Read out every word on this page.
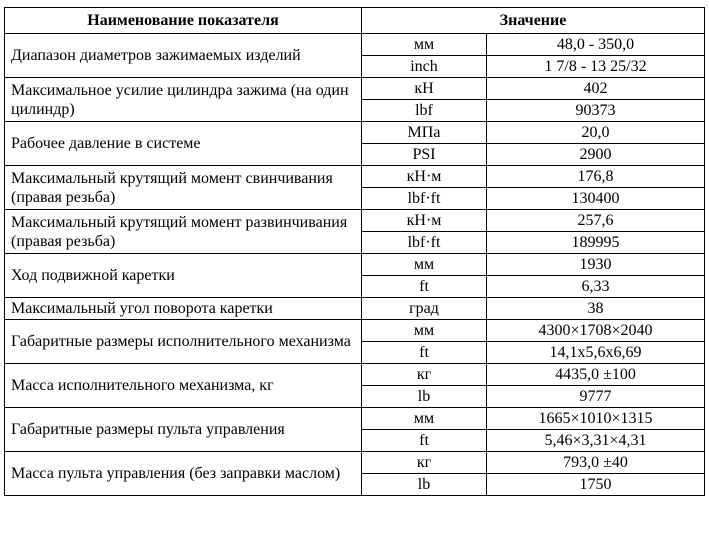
Наименование показателя	Значение	
Диапазон диаметров зажимаемых изделий	мм	48,0 - 350,0
	inch	1 7/8 - 13 25/32
Максимальное усилие цилиндра зажима (на один цилиндр)	кН	402
	lbf	90373
Рабочее давление в системе	МПа	20,0
	PSI	2900
Максимальный крутящий момент свинчивания (правая резьба)	кН·м	176,8
	lbf·ft	130400
Максимальный крутящий момент развинчивания (правая резьба)	кН·м	257,6
	lbf·ft	189995
Ход подвижной каретки	мм	1930
	ft	6,33
Максимальный угол поворота каретки	град	38
Габаритные размеры исполнительного механизма	мм	4300×1708×2040
	ft	14,1x5,6x6,69
Масса исполнительного механизма, кг	кг	4435,0 ±100
	lb	9777
Габаритные размеры пульта управления	мм	1665×1010×1315
	ft	5,46×3,31×4,31
Масса пульта управления (без заправки маслом)	кг	793,0 ±40
	lb	1750
